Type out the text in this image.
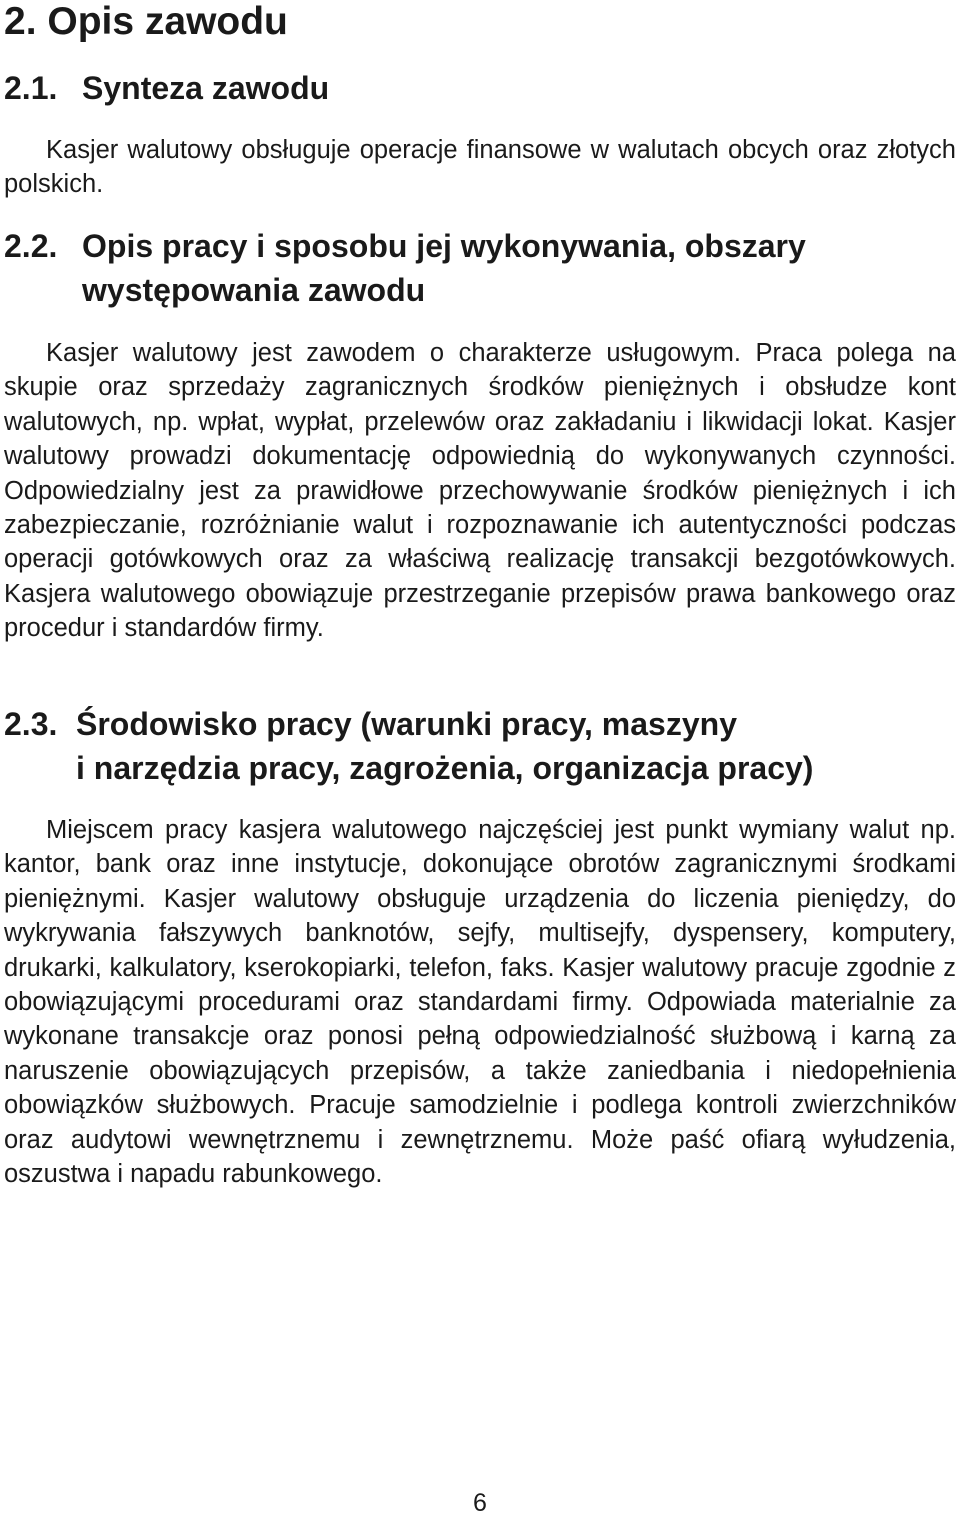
2. Opis zawodu
2.1. Synteza zawodu

Kasjer walutowy obsługuje operacje finansowe w walutach obcych oraz złotych polskich.

2.2. Opis pracy i sposobu jej wykonywania, obszary
występowania zawodu

Kasjer walutowy jest zawodem o charakterze usługowym. Praca polega na skupie oraz sprzedaży zagranicznych środków pieniężnych i obsłudze kont walutowych, np. wpłat, wypłat, przelewów oraz zakładaniu i likwidacji lokat. Kasjer walutowy prowadzi dokumentację odpowiednią do wykonywanych czynności. Odpowiedzialny jest za prawidłowe przechowywanie środków pieniężnych i ich zabezpieczanie, rozróżnianie walut i rozpoznawanie ich autentyczności podczas operacji gotówkowych oraz za właściwą realizację transakcji bezgotówkowych. Kasjera walutowego obowiązuje przestrzeganie przepisów prawa bankowego oraz procedur i standardów firmy.

2.3. Środowisko pracy (warunki pracy, maszyny
i narzędzia pracy, zagrożenia, organizacja pracy)

Miejscem pracy kasjera walutowego najczęściej jest punkt wymiany walut np. kantor, bank oraz inne instytucje, dokonujące obrotów zagranicznymi środkami pieniężnymi. Kasjer walutowy obsługuje urządzenia do liczenia pieniędzy, do wykrywania fałszywych banknotów, sejfy, multisejfy, dyspensery, komputery, drukarki, kalkulatory, kserokopiarki, telefon, faks. Kasjer walutowy pracuje zgodnie z obowiązującymi procedurami oraz standardami firmy. Odpowiada materialnie za wykonane transakcje oraz ponosi pełną odpowiedzialność służbową i karną za naruszenie obowiązujących przepisów, a także zaniedbania i niedopełnienia obowiązków służbowych. Pracuje samodzielnie i podlega kontroli zwierzchników oraz audytowi wewnętrznemu i zewnętrznemu. Może paść ofiarą wyłudzenia, oszustwa i napadu rabunkowego.

6
